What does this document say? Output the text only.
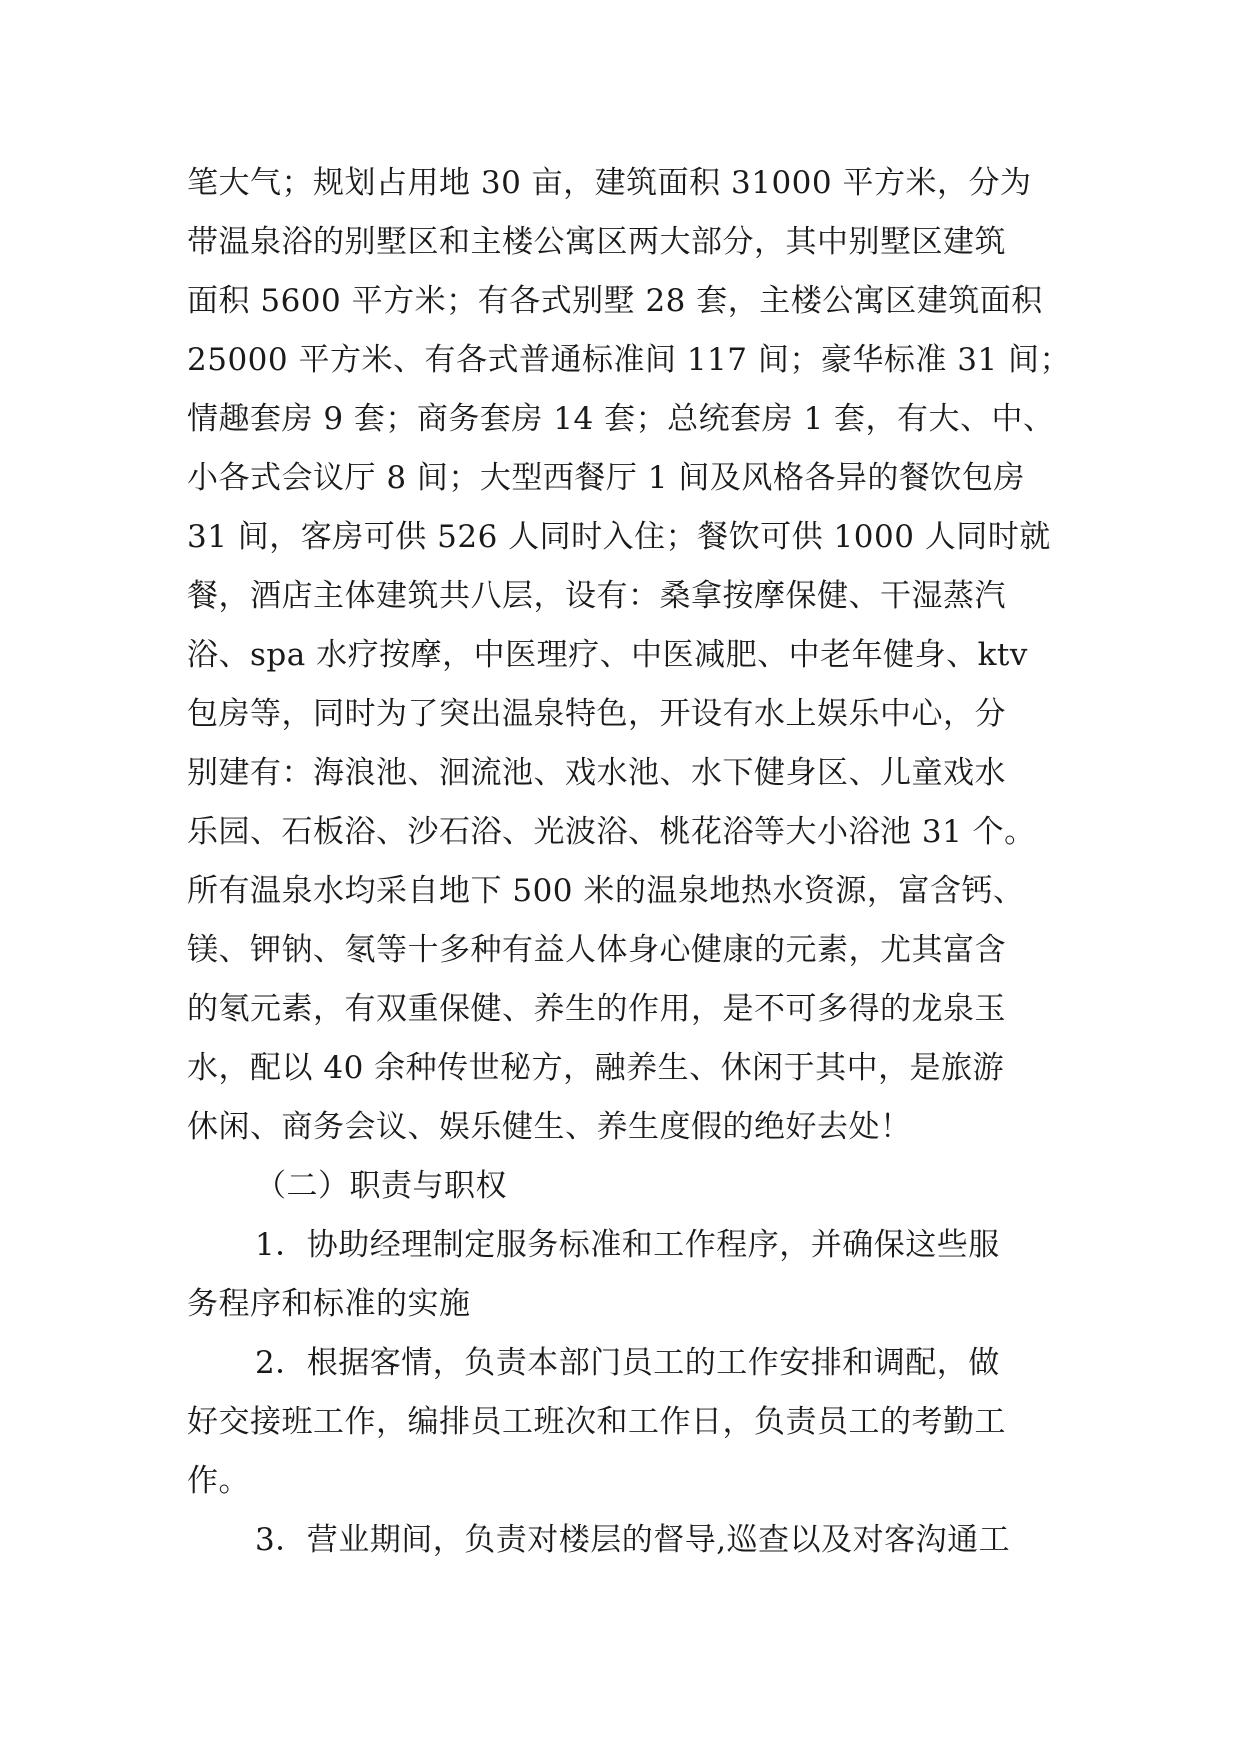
笔大气；规划占用地 30 亩，建筑面积 31000 平方米，分为
带温泉浴的别墅区和主楼公寓区两大部分，其中别墅区建筑
面积 5600 平方米；有各式别墅 28 套，主楼公寓区建筑面积
25000 平方米、有各式普通标准间 117 间；豪华标准 31 间；
情趣套房 9 套；商务套房 14 套；总统套房 1 套，有大、中、
小各式会议厅 8 间；大型西餐厅 1 间及风格各异的餐饮包房
31 间，客房可供 526 人同时入住；餐饮可供 1000 人同时就
餐，酒店主体建筑共八层，设有：桑拿按摩保健、干湿蒸汽
浴、spa 水疗按摩，中医理疗、中医减肥、中老年健身、ktv
包房等，同时为了突出温泉特色，开设有水上娱乐中心，分
别建有：海浪池、洄流池、戏水池、水下健身区、儿童戏水
乐园、石板浴、沙石浴、光波浴、桃花浴等大小浴池 31 个。
所有温泉水均采自地下 500 米的温泉地热水资源，富含钙、
镁、钾钠、氡等十多种有益人体身心健康的元素，尤其富含
的氡元素，有双重保健、养生的作用，是不可多得的龙泉玉
水，配以 40 余种传世秘方，融养生、休闲于其中，是旅游
休闲、商务会议、娱乐健生、养生度假的绝好去处！
（二）职责与职权
1．协助经理制定服务标准和工作程序，并确保这些服
务程序和标准的实施
2．根据客情，负责本部门员工的工作安排和调配，做
好交接班工作，编排员工班次和工作日，负责员工的考勤工
作。
3．营业期间，负责对楼层的督导,巡查以及对客沟通工
